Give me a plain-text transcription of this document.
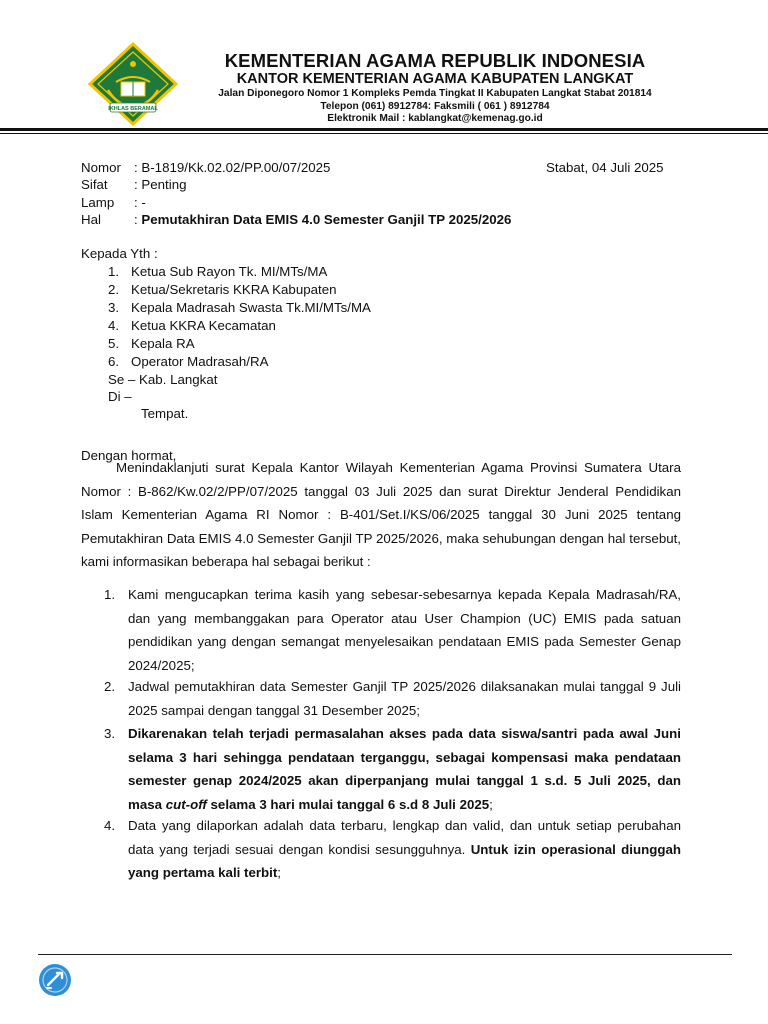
IKHLAS BERAMAL
KEMENTERIAN AGAMA REPUBLIK INDONESIA
KANTOR KEMENTERIAN AGAMA KABUPATEN LANGKAT
Jalan Diponegoro Nomor 1 Kompleks Pemda Tingkat II Kabupaten Langkat Stabat 201814
Telepon (061) 8912784: Faksmili ( 061 ) 8912784
Elektronik Mail : kablangkat@kemenag.go.id
Nomor : B-1819/Kk.02.02/PP.00/07/2025	Stabat, 04 Juli 2025
Sifat : Penting
Lamp : -
Hal : Pemutakhiran Data EMIS 4.0 Semester Ganjil TP 2025/2026
Kepada Yth :
1. Ketua Sub Rayon Tk. MI/MTs/MA
2. Ketua/Sekretaris KKRA Kabupaten
3. Kepala Madrasah Swasta Tk.MI/MTs/MA
4. Ketua KKRA Kecamatan
5. Kepala RA
6. Operator Madrasah/RA
Se – Kab. Langkat
Di –
Tempat.
Dengan hormat,
Menindaklanjuti surat Kepala Kantor Wilayah Kementerian Agama Provinsi Sumatera Utara Nomor : B-862/Kw.02/2/PP/07/2025 tanggal 03 Juli 2025 dan surat Direktur Jenderal Pendidikan Islam Kementerian Agama RI Nomor : B-401/Set.I/KS/06/2025 tanggal 30 Juni 2025 tentang Pemutakhiran Data EMIS 4.0 Semester Ganjil TP 2025/2026, maka sehubungan dengan hal tersebut, kami informasikan beberapa hal sebagai berikut :
1. Kami mengucapkan terima kasih yang sebesar-sebesarnya kepada Kepala Madrasah/RA, dan yang membanggakan para Operator atau User Champion (UC) EMIS pada satuan pendidikan yang dengan semangat menyelesaikan pendataan EMIS pada Semester Genap 2024/2025;
2. Jadwal pemutakhiran data Semester Ganjil TP 2025/2026 dilaksanakan mulai tanggal 9 Juli 2025 sampai dengan tanggal 31 Desember 2025;
3. Dikarenakan telah terjadi permasalahan akses pada data siswa/santri pada awal Juni selama 3 hari sehingga pendataan terganggu, sebagai kompensasi maka pendataan semester genap 2024/2025 akan diperpanjang mulai tanggal 1 s.d. 5 Juli 2025, dan masa cut-off selama 3 hari mulai tanggal 6 s.d 8 Juli 2025;
4. Data yang dilaporkan adalah data terbaru, lengkap dan valid, dan untuk setiap perubahan data yang terjadi sesuai dengan kondisi sesungguhnya. Untuk izin operasional diunggah yang pertama kali terbit;
